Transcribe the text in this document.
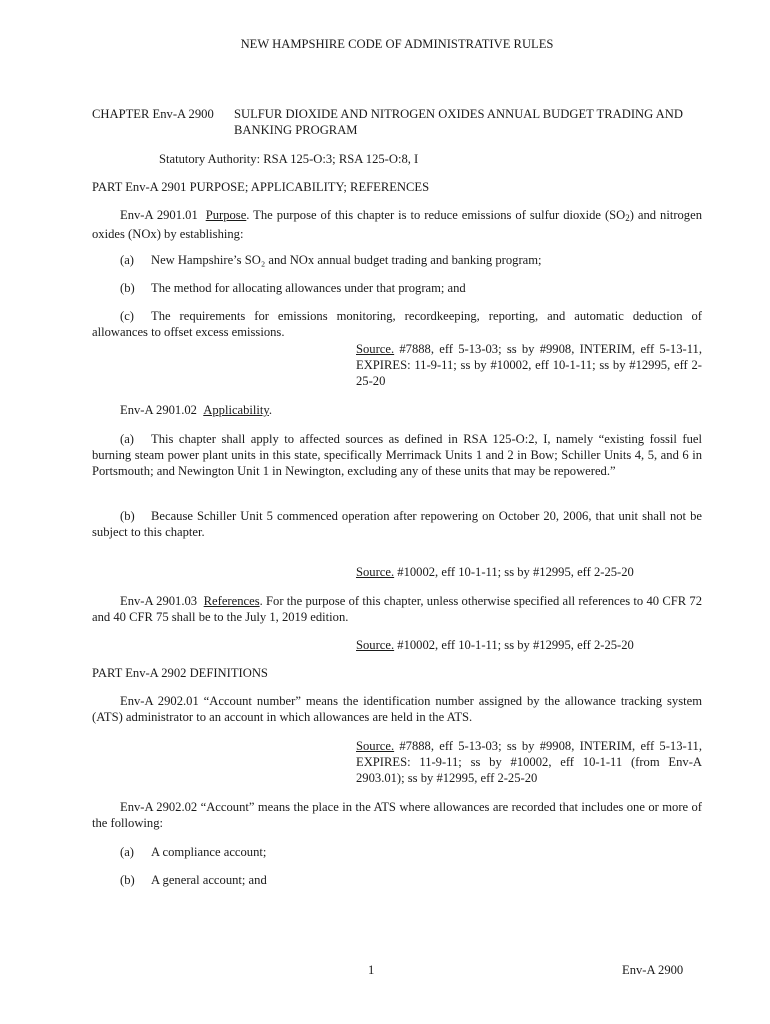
NEW HAMPSHIRE CODE OF ADMINISTRATIVE RULES
CHAPTER Env-A 2900 SULFUR DIOXIDE AND NITROGEN OXIDES ANNUAL BUDGET TRADING AND BANKING PROGRAM
Statutory Authority: RSA 125-O:3; RSA 125-O:8, I
PART Env-A 2901 PURPOSE; APPLICABILITY; REFERENCES
Env-A 2901.01 Purpose. The purpose of this chapter is to reduce emissions of sulfur dioxide $(SO_2)$ and nitrogen oxides (NOx) by establishing:
(a) New Hampshire’s SO₂ and NOx annual budget trading and banking program;
(b) The method for allocating allowances under that program; and
(c) The requirements for emissions monitoring, recordkeeping, reporting, and automatic deduction of allowances to offset excess emissions.
Source. #7888, eff 5-13-03; ss by #9908, INTERIM, eff 5-13-11, EXPIRES: 11-9-11; ss by #10002, eff 10-1-11; ss by #12995, eff 2-25-20
Env-A 2901.02 Applicability.
(a) This chapter shall apply to affected sources as defined in RSA 125-O:2, I, namely “existing fossil fuel burning steam power plant units in this state, specifically Merrimack Units 1 and 2 in Bow; Schiller Units 4, 5, and 6 in Portsmouth; and Newington Unit 1 in Newington, excluding any of these units that may be repowered.”
(b) Because Schiller Unit 5 commenced operation after repowering on October 20, 2006, that unit shall not be subject to this chapter.
Source. #10002, eff 10-1-11; ss by #12995, eff 2-25-20
Env-A 2901.03 References. For the purpose of this chapter, unless otherwise specified all references to 40 CFR 72 and 40 CFR 75 shall be to the July 1, 2019 edition.
Source. #10002, eff 10-1-11; ss by #12995, eff 2-25-20
PART Env-A 2902 DEFINITIONS
Env-A 2902.01 “Account number” means the identification number assigned by the allowance tracking system (ATS) administrator to an account in which allowances are held in the ATS.
Source. #7888, eff 5-13-03; ss by #9908, INTERIM, eff 5-13-11, EXPIRES: 11-9-11; ss by #10002, eff 10-1-11 (from Env-A 2903.01); ss by #12995, eff 2-25-20
Env-A 2902.02 “Account” means the place in the ATS where allowances are recorded that includes one or more of the following:
(a) A compliance account;
(b) A general account; and
1	Env-A 2900
